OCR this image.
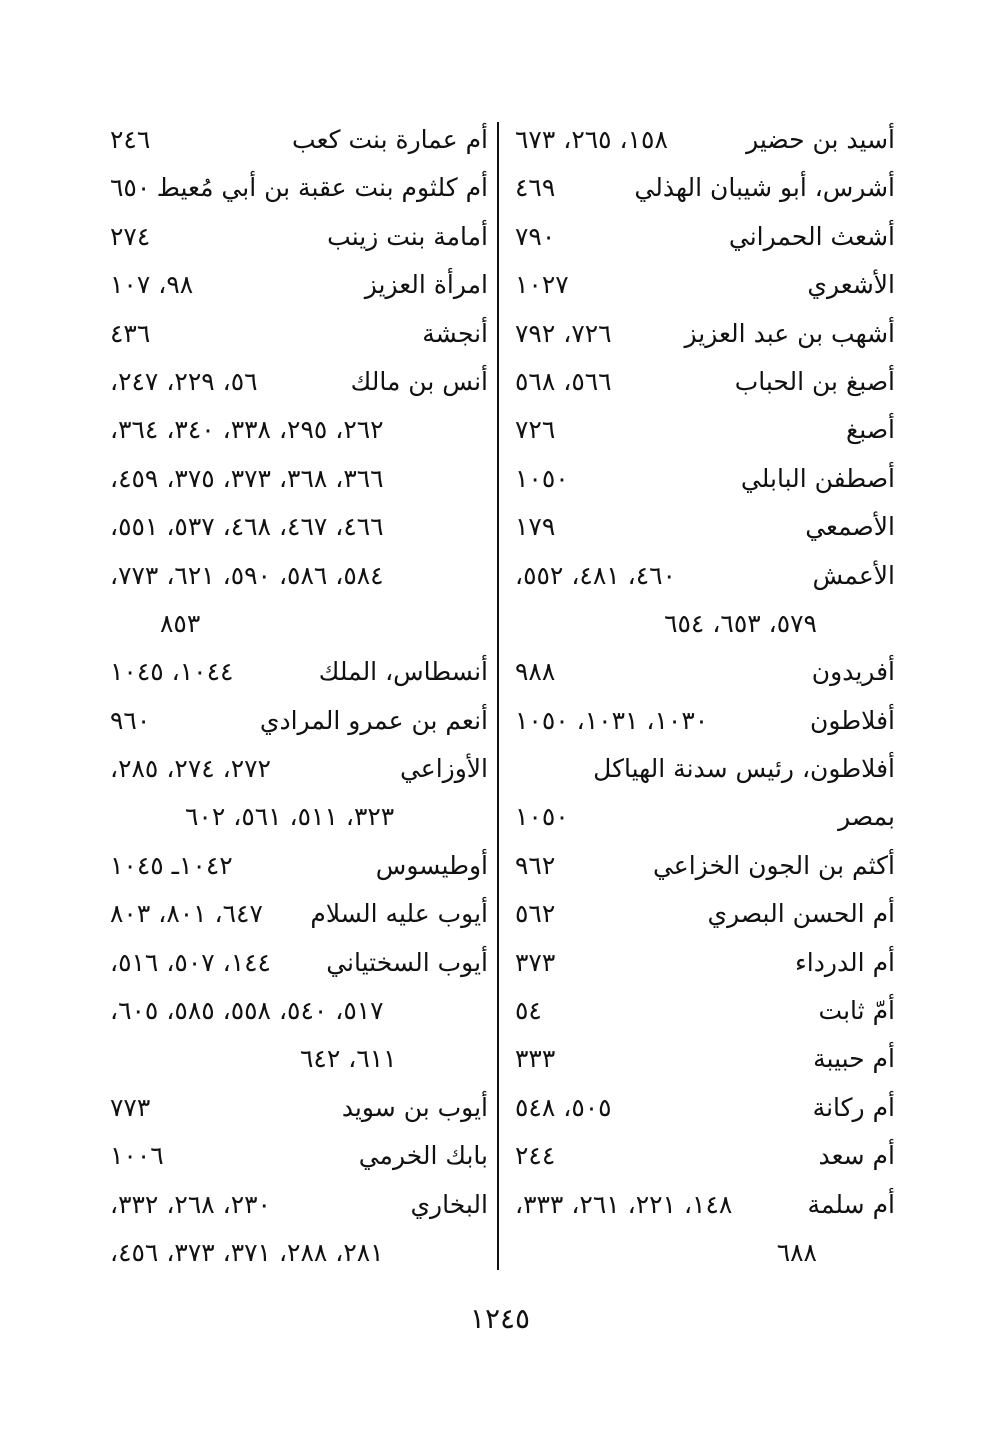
أسيد بن حضير
١٥٨، ٢٦٥، ٦٧٣
أشرس، أبو شيبان الهذلي
٤٦٩
أشعث الحمراني
٧٩٠
الأشعري
١٠٢٧
أشهب بن عبد العزيز
٧٢٦، ٧٩٢
أصبغ بن الحباب
٥٦٦، ٥٦٨
أصبغ
٧٢٦
أصطفن البابلي
١٠٥٠
الأصمعي
١٧٩
الأعمش
٤٦٠، ٤٨١، ٥٥٢،
٥٧٩، ٦٥٣، ٦٥٤
أفريدون
٩٨٨
أفلاطون
١٠٣٠، ١٠٣١، ١٠٥٠
أفلاطون، رئيس سدنة الهياكل
بمصر
١٠٥٠
أكثم بن الجون الخزاعي
٩٦٢
أم الحسن البصري
٥٦٢
أم الدرداء
٣٧٣
أمّ ثابت
٥٤
أم حبيبة
٣٣٣
أم ركانة
٥٠٥، ٥٤٨
أم سعد
٢٤٤
أم سلمة
١٤٨، ٢٢١، ٢٦١، ٣٣٣،
٦٨٨
أم عمارة بنت كعب
٢٤٦
أم كلثوم بنت عقبة بن أبي مُعيط
٦٥٠
أمامة بنت زينب
٢٧٤
امرأة العزيز
٩٨، ١٠٧
أنجشة
٤٣٦
أنس بن مالك
٥٦، ٢٢٩، ٢٤٧،
٢٦٢، ٢٩٥، ٣٣٨، ٣٤٠، ٣٦٤،
٣٦٦، ٣٦٨، ٣٧٣، ٣٧٥، ٤٥٩،
٤٦٦، ٤٦٧، ٤٦٨، ٥٣٧، ٥٥١،
٥٨٤، ٥٨٦، ٥٩٠، ٦٢١، ٧٧٣،
٨٥٣
أنسطاس، الملك
١٠٤٤، ١٠٤٥
أنعم بن عمرو المرادي
٩٦٠
الأوزاعي
٢٧٢، ٢٧٤، ٢٨٥،
٣٢٣، ٥١١، ٥٦١، ٦٠٢
أوطيسوس
١٠٤٢ـ ١٠٤٥
أيوب عليه السلام
٦٤٧، ٨٠١، ٨٠٣
أيوب السختياني
١٤٤، ٥٠٧، ٥١٦،
٥١٧، ٥٤٠، ٥٥٨، ٥٨٥، ٦٠٥،
٦١١، ٦٤٢
أيوب بن سويد
٧٧٣
بابك الخرمي
١٠٠٦
البخاري
٢٣٠، ٢٦٨، ٣٣٢،
٢٨١، ٢٨٨، ٣٧١، ٣٧٣، ٤٥٦،
١٢٤٥
